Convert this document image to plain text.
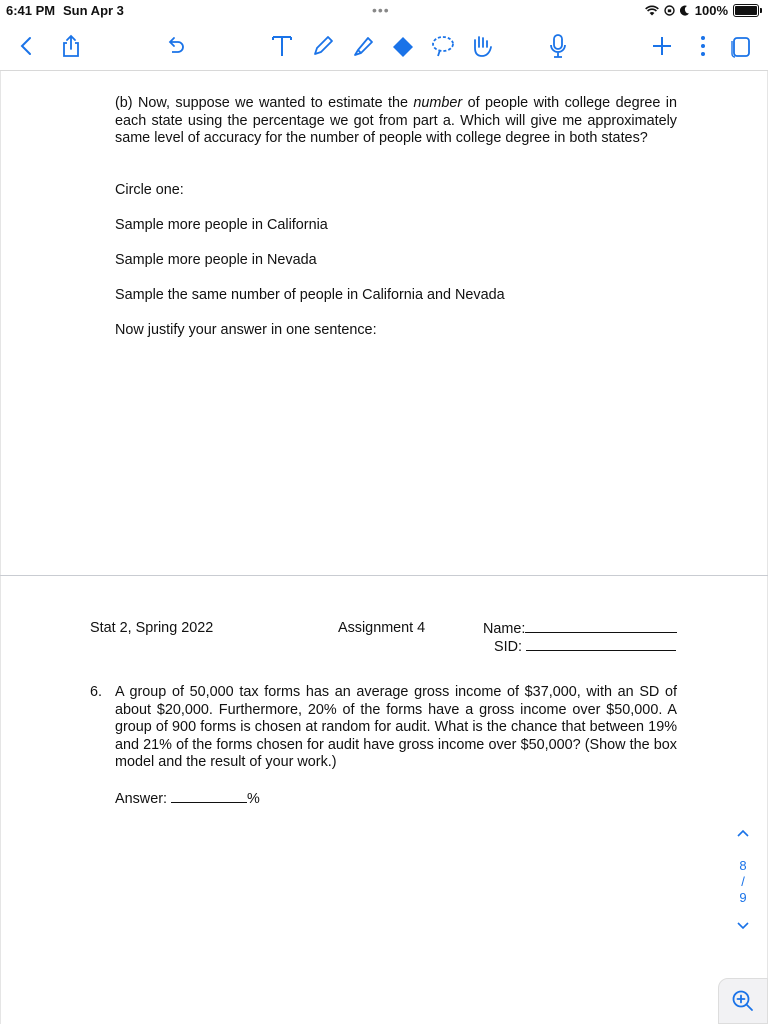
6:41 PM Sun Apr 3	•••	100%
(b) Now, suppose we wanted to estimate the number of people with college degree in each state using the percentage we got from part a. Which will give me approximately same level of accuracy for the number of people with college degree in both states?
Circle one:
Sample more people in California
Sample more people in Nevada
Sample the same number of people in California and Nevada
Now justify your answer in one sentence:
Stat 2, Spring 2022	Assignment 4	Name:
SID:
6. A group of 50,000 tax forms has an average gross income of $37,000, with an SD of about $20,000. Furthermore, 20% of the forms have a gross income over $50,000. A group of 900 forms is chosen at random for audit. What is the chance that between 19% and 21% of the forms chosen for audit have gross income over $50,000? (Show the box model and the result of your work.)
Answer:	%
8
/
9
